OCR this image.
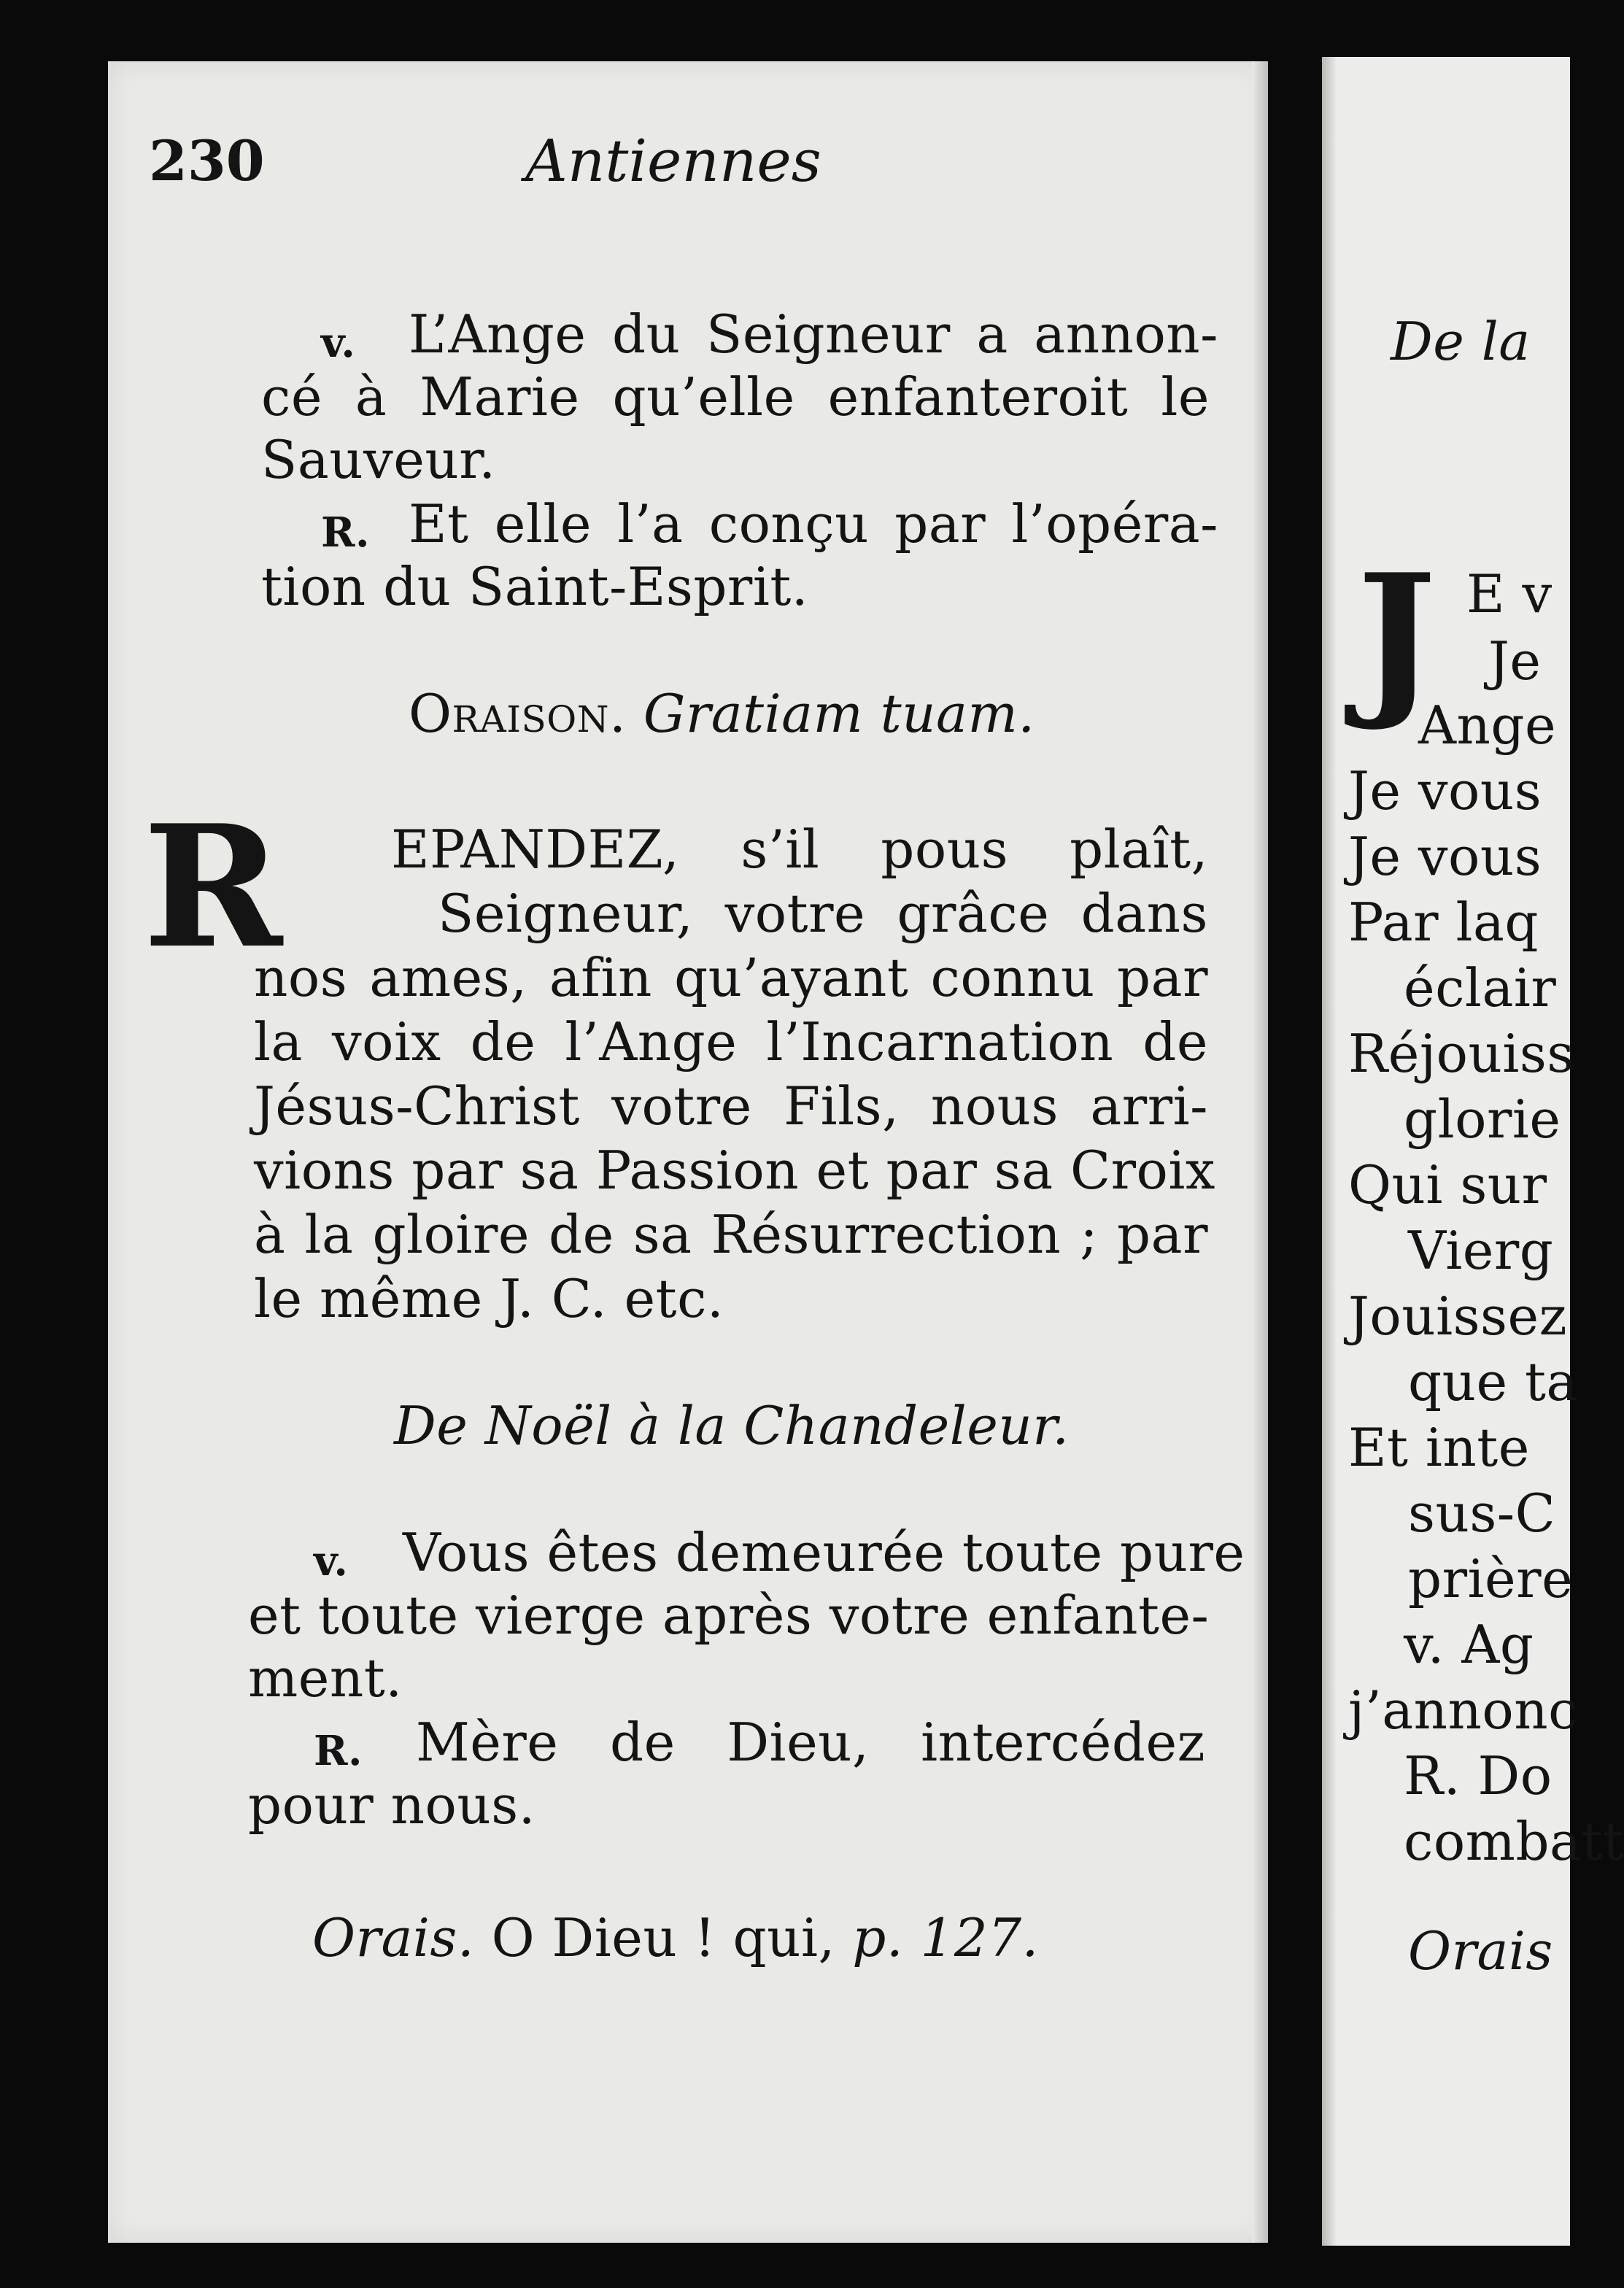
230	Antiennes
v. L’Ange du Seigneur a annon-
cé à Marie qu’elle enfanteroit le
Sauveur.
R. Et elle l’a conçu par l’opéra-
tion du Saint-Esprit.
Oraison. Gratiam tuam.
R EPANDEZ, s’il pous plaît,
Seigneur, votre grâce dans
nos ames, afin qu’ayant connu par
la voix de l’Ange l’Incarnation de
Jésus-Christ votre Fils, nous arri-
vions par sa Passion et par sa Croix
à la gloire de sa Résurrection ; par
le même J. C. etc.
De Noël à la Chandeleur.
v. Vous êtes demeurée toute pure
et toute vierge après votre enfante-
ment.
R. Mère de Dieu, intercédez
pour nous.
Orais. O Dieu ! qui, p. 127.
De la
J E v
Je
Ange
Je vous
Je vous
Par laq
éclair
Réjouiss
glorie
Qui sur
Vierg
Jouissez
que ta
Et inte
sus-C
prière
v. Ag
j’annonc
R. Do
combatt
Orais
